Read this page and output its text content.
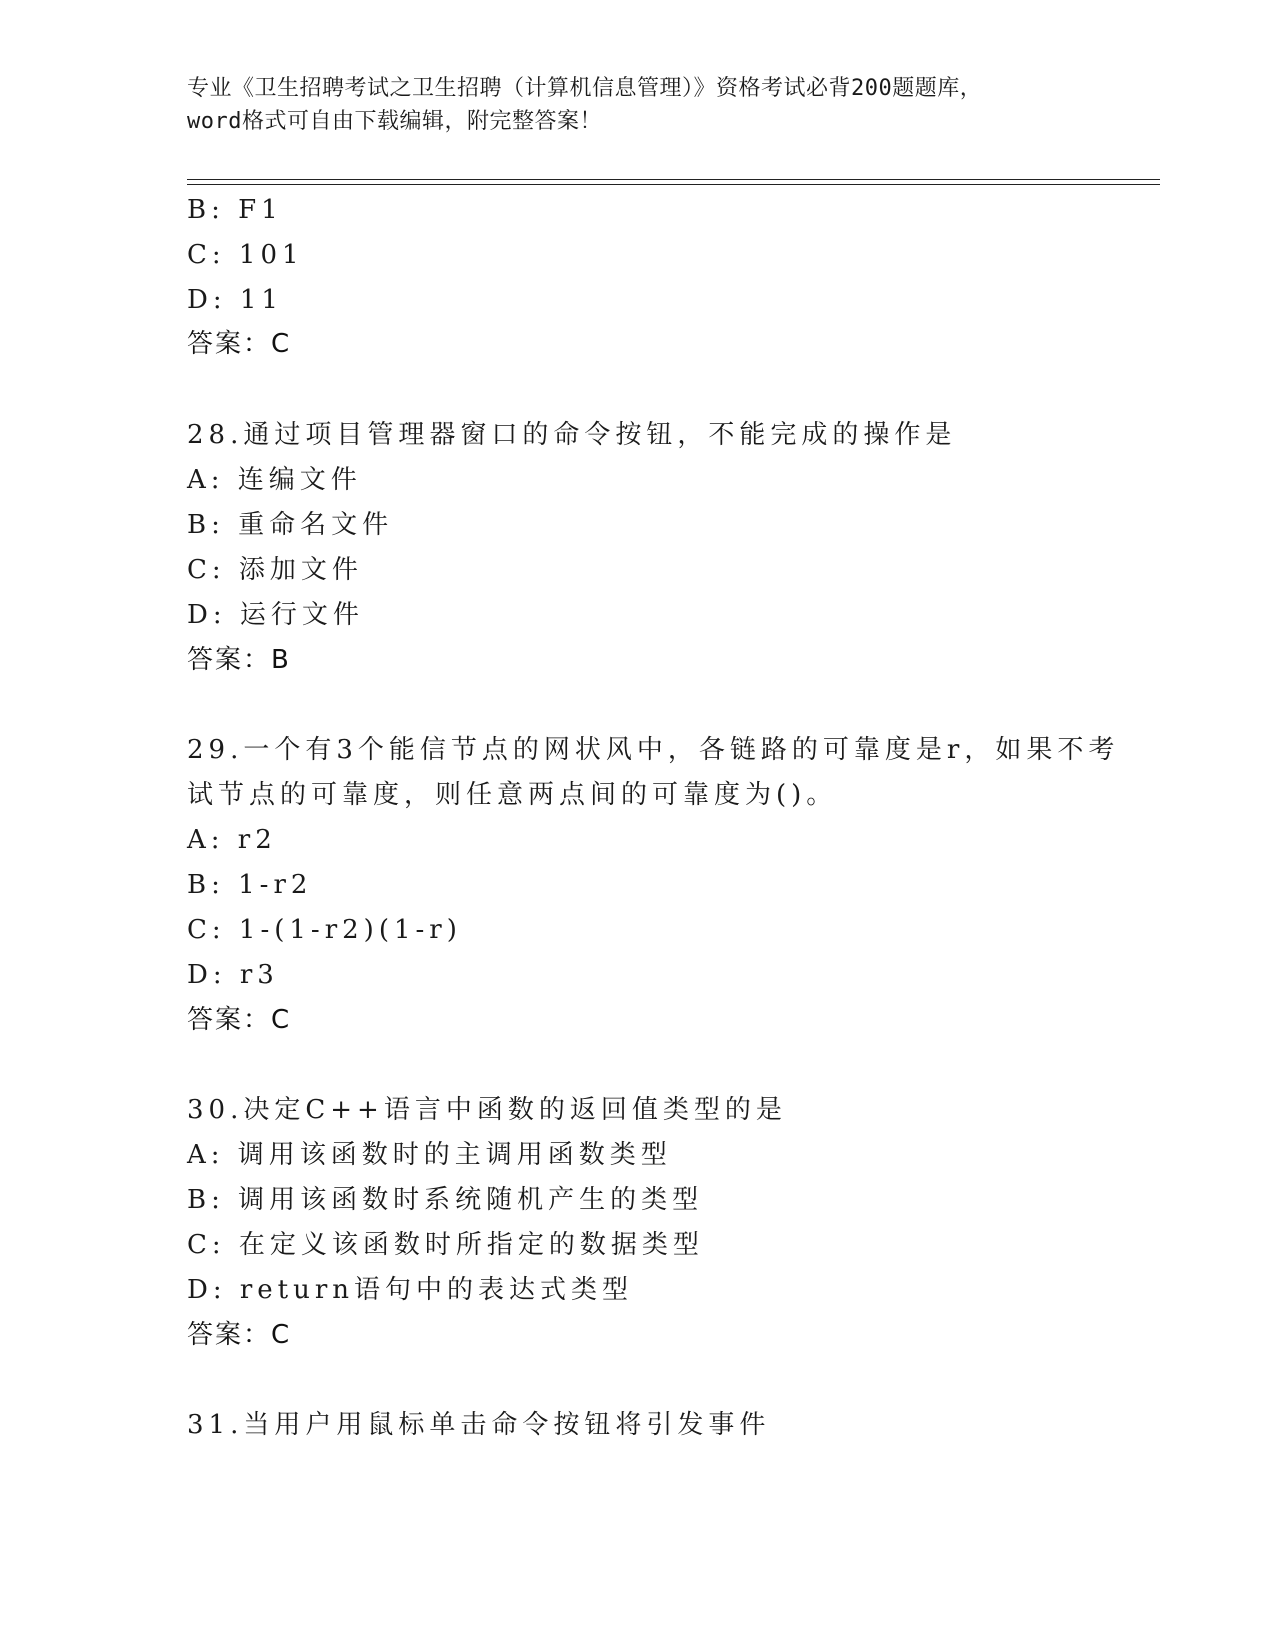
专业《卫生招聘考试之卫生招聘（计算机信息管理）》资格考试必背200题题库，
word格式可自由下载编辑，附完整答案！
B: F1
C: 101
D: 11
答案：C
28.通过项目管理器窗口的命令按钮，不能完成的操作是
A: 连编文件
B: 重命名文件
C: 添加文件
D: 运行文件
答案：B
29.一个有3个能信节点的网状风中，各链路的可靠度是r，如果不考
试节点的可靠度，则任意两点间的可靠度为()。
A: r2
B: 1-r2
C: 1-(1-r2)(1-r)
D: r3
答案：C
30.决定C++语言中函数的返回值类型的是
A: 调用该函数时的主调用函数类型
B: 调用该函数时系统随机产生的类型
C: 在定义该函数时所指定的数据类型
D: return语句中的表达式类型
答案：C
31.当用户用鼠标单击命令按钮将引发事件
